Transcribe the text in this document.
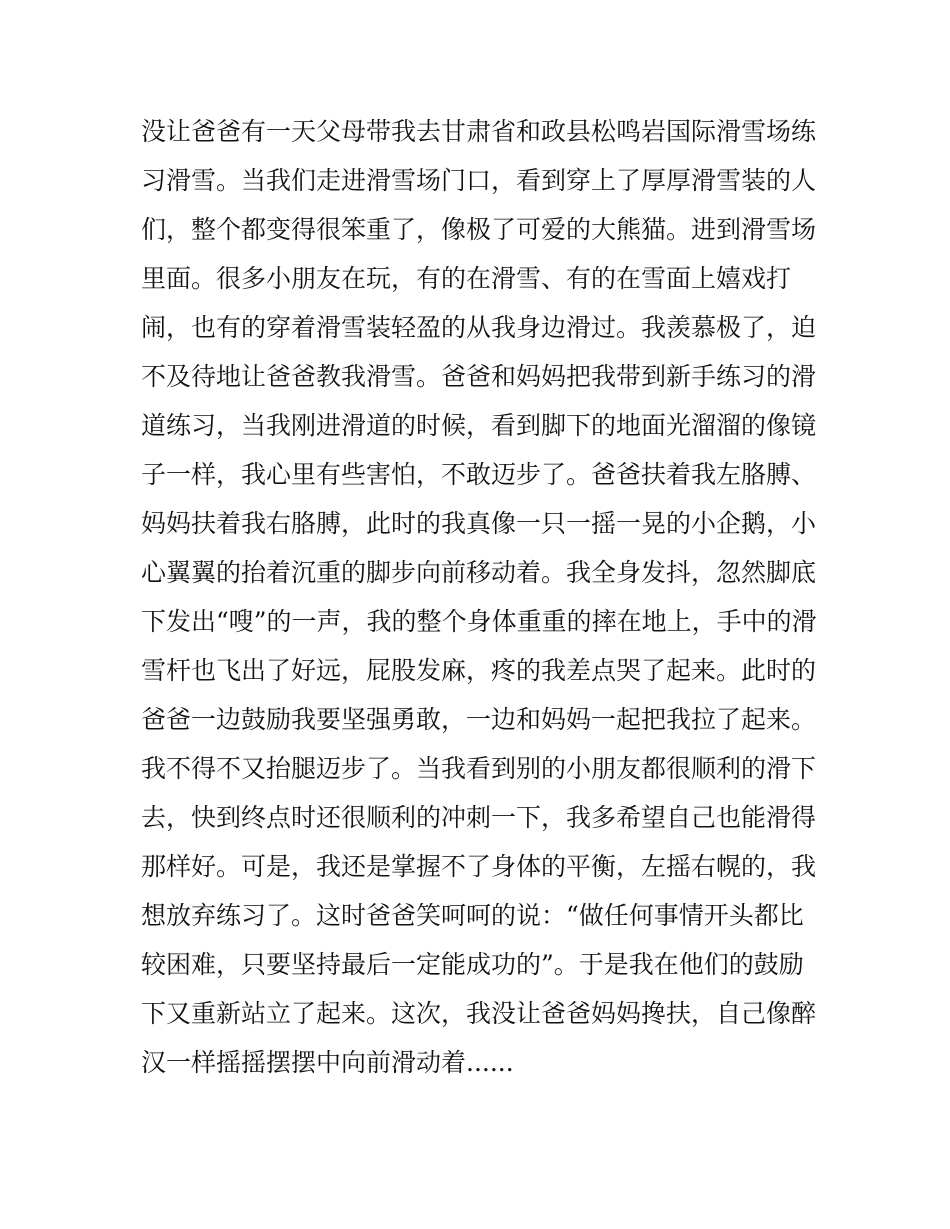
没让爸爸有一天父母带我去甘肃省和政县松鸣岩国际滑雪场练
习滑雪。当我们走进滑雪场门口，看到穿上了厚厚滑雪装的人
们，整个都变得很笨重了，像极了可爱的大熊猫。进到滑雪场
里面。很多小朋友在玩，有的在滑雪、有的在雪面上嬉戏打
闹，也有的穿着滑雪装轻盈的从我身边滑过。我羡慕极了，迫
不及待地让爸爸教我滑雪。爸爸和妈妈把我带到新手练习的滑
道练习，当我刚进滑道的时候，看到脚下的地面光溜溜的像镜
子一样，我心里有些害怕，不敢迈步了。爸爸扶着我左胳膊、
妈妈扶着我右胳膊，此时的我真像一只一摇一晃的小企鹅，小
心翼翼的抬着沉重的脚步向前移动着。我全身发抖，忽然脚底
下发出“嗖”的一声，我的整个身体重重的摔在地上，手中的滑
雪杆也飞出了好远，屁股发麻，疼的我差点哭了起来。此时的
爸爸一边鼓励我要坚强勇敢，一边和妈妈一起把我拉了起来。
我不得不又抬腿迈步了。当我看到别的小朋友都很顺利的滑下
去，快到终点时还很顺利的冲刺一下，我多希望自己也能滑得
那样好。可是，我还是掌握不了身体的平衡，左摇右幌的，我
想放弃练习了。这时爸爸笑呵呵的说：“做任何事情开头都比
较困难，只要坚持最后一定能成功的”。于是我在他们的鼓励
下又重新站立了起来。这次，我没让爸爸妈妈搀扶，自己像醉
汉一样摇摇摆摆中向前滑动着......
